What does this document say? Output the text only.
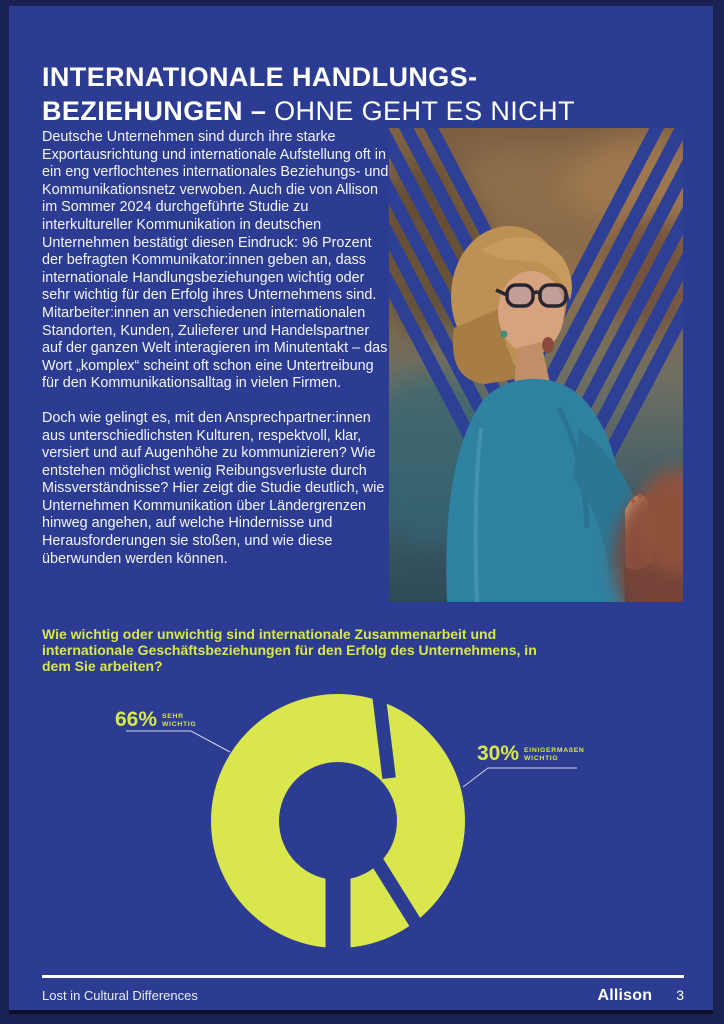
INTERNATIONALE HANDLUNGS-
BEZIEHUNGEN – OHNE GEHT ES NICHT

Deutsche Unternehmen sind durch ihre starke Exportausrichtung und internationale Aufstellung oft in ein eng verflochtenes internationales Beziehungs- und Kommunikationsnetz verwoben. Auch die von Allison im Sommer 2024 durchgeführte Studie zu interkultureller Kommunikation in deutschen Unternehmen bestätigt diesen Eindruck: 96 Prozent der befragten Kommunikator:innen geben an, dass internationale Handlungsbeziehungen wichtig oder sehr wichtig für den Erfolg ihres Unternehmens sind. Mitarbeiter:innen an verschiedenen internationalen Standorten, Kunden, Zulieferer und Handelspartner auf der ganzen Welt interagieren im Minutentakt – das Wort „komplex“ scheint oft schon eine Untertreibung für den Kommunikationsalltag in vielen Firmen.

Doch wie gelingt es, mit den Ansprechpartner:innen aus unterschiedlichsten Kulturen, respektvoll, klar, versiert und auf Augenhöhe zu kommunizieren? Wie entstehen möglichst wenig Reibungsverluste durch Missverständnisse? Hier zeigt die Studie deutlich, wie Unternehmen Kommunikation über Ländergrenzen hinweg angehen, auf welche Hindernisse und Herausforderungen sie stoßen, und wie diese überwunden werden können.

Wie wichtig oder unwichtig sind internationale Zusammenarbeit und internationale Geschäftsbeziehungen für den Erfolg des Unternehmens, in dem Sie arbeiten?
66% SEHR
WICHTIG
30% EINIGERMAßEN
WICHTIG
Lost in Cultural Differences	Allison 3
